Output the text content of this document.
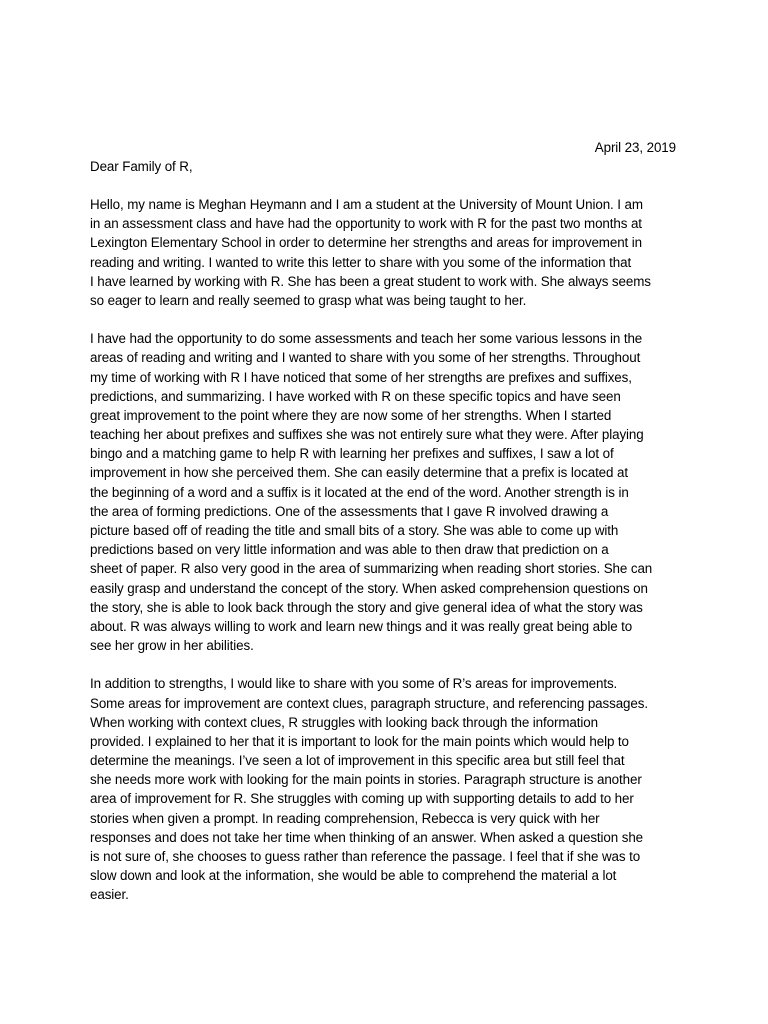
April 23, 2019
Dear Family of R,
Hello, my name is Meghan Heymann and I am a student at the University of Mount Union. I am
in an assessment class and have had the opportunity to work with R for the past two months at
Lexington Elementary School in order to determine her strengths and areas for improvement in
reading and writing. I wanted to write this letter to share with you some of the information that
I have learned by working with R. She has been a great student to work with. She always seems
so eager to learn and really seemed to grasp what was being taught to her.
I have had the opportunity to do some assessments and teach her some various lessons in the
areas of reading and writing and I wanted to share with you some of her strengths. Throughout
my time of working with R I have noticed that some of her strengths are prefixes and suffixes,
predictions, and summarizing. I have worked with R on these specific topics and have seen
great improvement to the point where they are now some of her strengths. When I started
teaching her about prefixes and suffixes she was not entirely sure what they were. After playing
bingo and a matching game to help R with learning her prefixes and suffixes, I saw a lot of
improvement in how she perceived them. She can easily determine that a prefix is located at
the beginning of a word and a suffix is it located at the end of the word. Another strength is in
the area of forming predictions. One of the assessments that I gave R involved drawing a
picture based off of reading the title and small bits of a story. She was able to come up with
predictions based on very little information and was able to then draw that prediction on a
sheet of paper. R also very good in the area of summarizing when reading short stories. She can
easily grasp and understand the concept of the story. When asked comprehension questions on
the story, she is able to look back through the story and give general idea of what the story was
about. R was always willing to work and learn new things and it was really great being able to
see her grow in her abilities.
In addition to strengths, I would like to share with you some of R’s areas for improvements.
Some areas for improvement are context clues, paragraph structure, and referencing passages.
When working with context clues, R struggles with looking back through the information
provided. I explained to her that it is important to look for the main points which would help to
determine the meanings. I’ve seen a lot of improvement in this specific area but still feel that
she needs more work with looking for the main points in stories. Paragraph structure is another
area of improvement for R. She struggles with coming up with supporting details to add to her
stories when given a prompt. In reading comprehension, Rebecca is very quick with her
responses and does not take her time when thinking of an answer. When asked a question she
is not sure of, she chooses to guess rather than reference the passage. I feel that if she was to
slow down and look at the information, she would be able to comprehend the material a lot
easier.
